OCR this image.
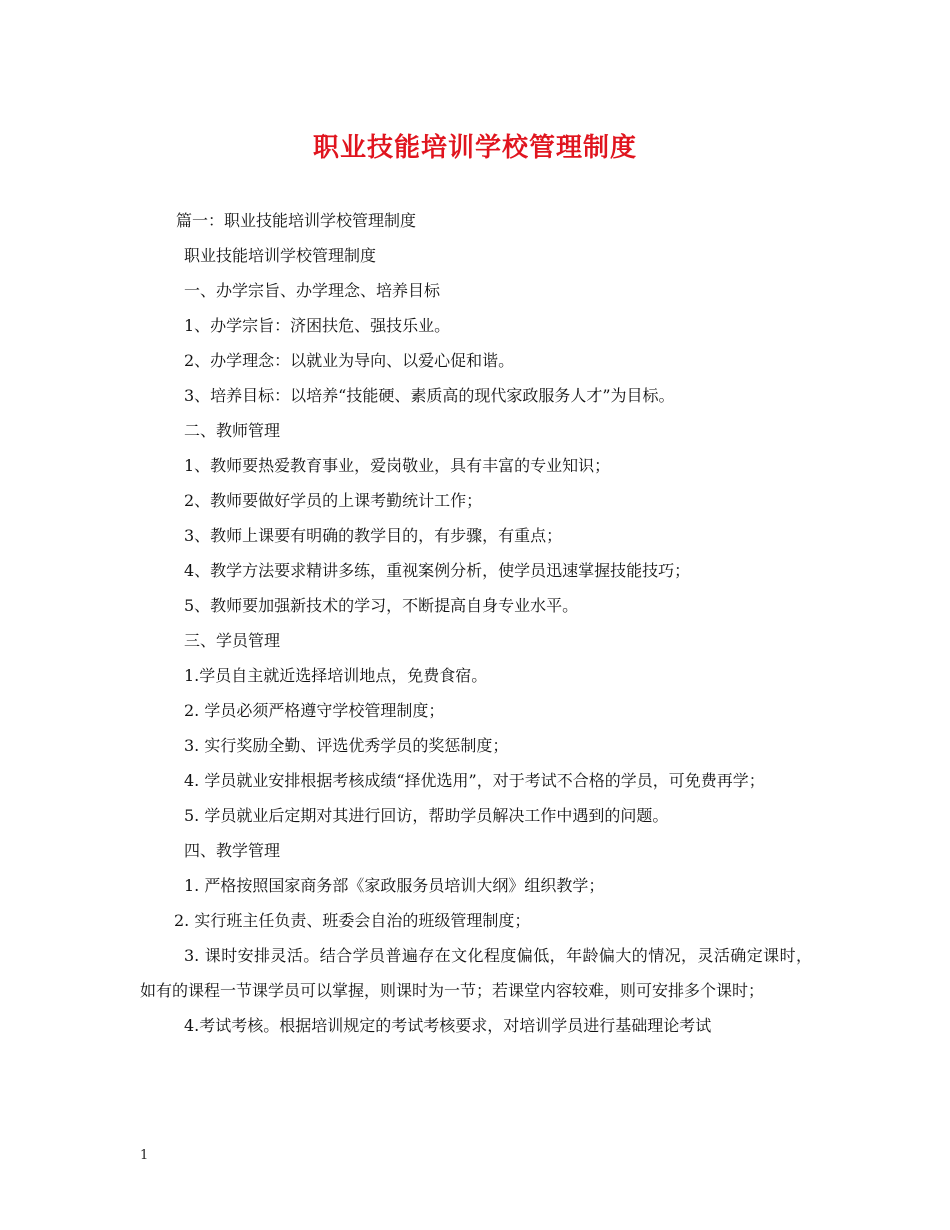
职业技能培训学校管理制度

篇一：职业技能培训学校管理制度

职业技能培训学校管理制度

一、办学宗旨、办学理念、培养目标

1、办学宗旨：济困扶危、强技乐业。

2、办学理念：以就业为导向、以爱心促和谐。

3、培养目标：以培养“技能硬、素质高的现代家政服务人才”为目标。

二、教师管理

1、教师要热爱教育事业，爱岗敬业，具有丰富的专业知识；

2、教师要做好学员的上课考勤统计工作；

3、教师上课要有明确的教学目的，有步骤，有重点；

4、教学方法要求精讲多练，重视案例分析，使学员迅速掌握技能技巧；

5、教师要加强新技术的学习，不断提高自身专业水平。

三、学员管理

1.学员自主就近选择培训地点，免费食宿。

2. 学员必须严格遵守学校管理制度；

3. 实行奖励全勤、评选优秀学员的奖惩制度；

4. 学员就业安排根据考核成绩“择优选用”，对于考试不合格的学员，可免费再学；

5. 学员就业后定期对其进行回访，帮助学员解决工作中遇到的问题。

四、教学管理

1. 严格按照国家商务部《家政服务员培训大纲》组织教学；

2. 实行班主任负责、班委会自治的班级管理制度；

3. 课时安排灵活。结合学员普遍存在文化程度偏低，年龄偏大的情况，灵活确定课时，如有的课程一节课学员可以掌握，则课时为一节；若课堂内容较难，则可安排多个课时；

4.考试考核。根据培训规定的考试考核要求，对培训学员进行基础理论考试

1
